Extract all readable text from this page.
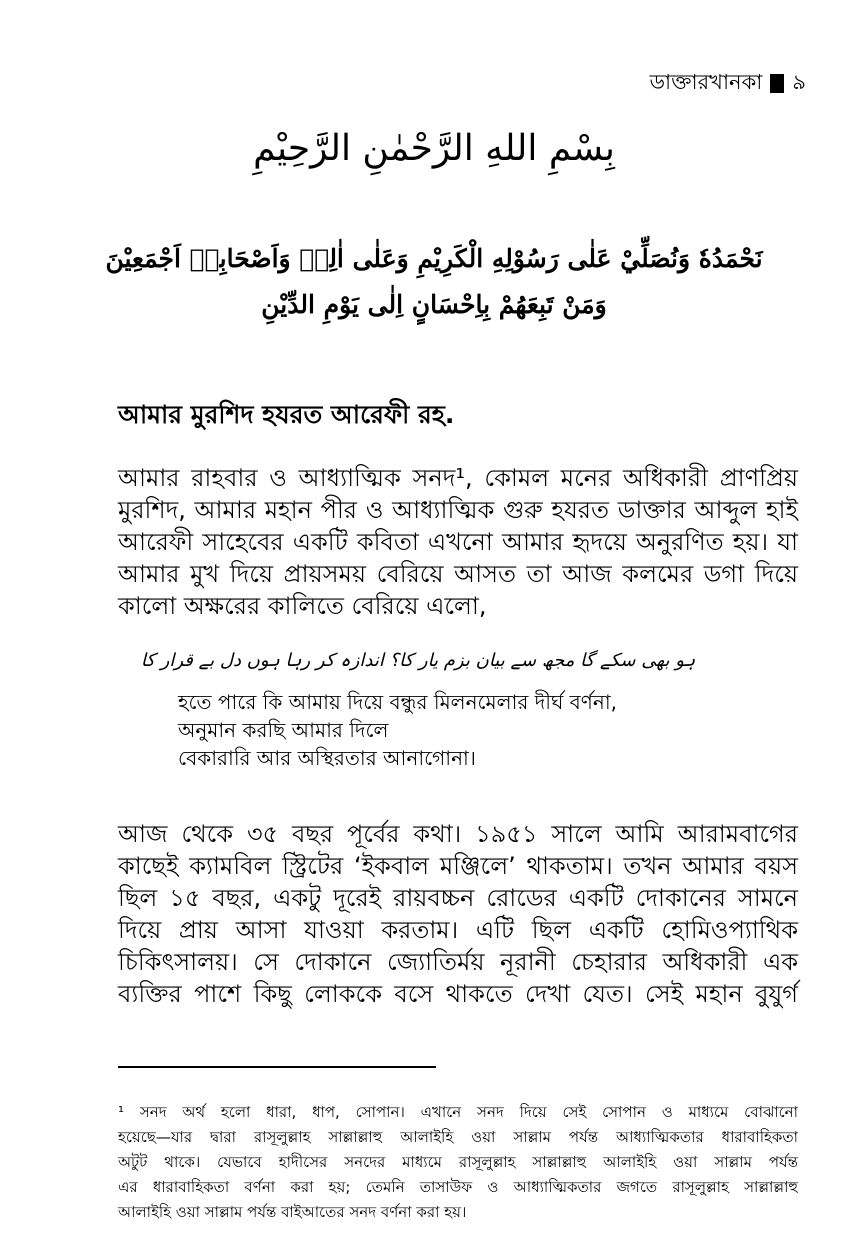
ডাক্তারখানকা ৯
بِسْمِ اللهِ الرَّحْمٰنِ الرَّحِيْمِ
نَحْمَدُهٗ وَنُصَلِّيْ عَلٰى رَسُوْلِهِ الْكَرِيْمِ وَعَلٰى اٰلِهٖ وَاَصْحَابِهٖ اَجْمَعِيْنَ
وَمَنْ تَبِعَهُمْ بِاِحْسَانٍ اِلٰى يَوْمِ الدِّيْنِ
আমার মুরশিদ হযরত আরেফী রহ.
আমার রাহবার ও আধ্যাত্মিক সনদ¹, কোমল মনের অধিকারী প্রাণপ্রিয়
মুরশিদ, আমার মহান পীর ও আধ্যাত্মিক গুরু হযরত ডাক্তার আব্দুল হাই
আরেফী সাহেবের একটি কবিতা এখনো আমার হৃদয়ে অনুরণিত হয়। যা
আমার মুখ দিয়ে প্রায়সময় বেরিয়ে আসত তা আজ কলমের ডগা দিয়ে
কালো অক্ষরের কালিতে বেরিয়ে এলো,
ہو بھی سکے گا مجھ سے بیان بزم یار کا؟ اندازہ کر رہا ہوں دل بے قرار کا
হতে পারে কি আমায় দিয়ে বন্ধুর মিলনমেলার দীর্ঘ বর্ণনা,
অনুমান করছি আমার দিলে
বেকারারি আর অস্থিরতার আনাগোনা।
আজ থেকে ৩৫ বছর পূর্বের কথা। ১৯৫১ সালে আমি আরামবাগের
কাছেই ক্যামবিল স্ট্রিটের ‘ইকবাল মঞ্জিলে’ থাকতাম। তখন আমার বয়স
ছিল ১৫ বছর, একটু দূরেই রায়বচ্চন রোডের একটি দোকানের সামনে
দিয়ে প্রায় আসা যাওয়া করতাম। এটি ছিল একটি হোমিওপ্যাথিক
চিকিৎসালয়। সে দোকানে জ্যোতির্ময় নূরানী চেহারার অধিকারী এক
ব্যক্তির পাশে কিছু লোককে বসে থাকতে দেখা যেত। সেই মহান বুযুর্গ
¹ সনদ অর্থ হলো ধারা, ধাপ, সোপান। এখানে সনদ দিয়ে সেই সোপান ও মাধ্যমে বোঝানো
হয়েছে—যার দ্বারা রাসূলুল্লাহ সাল্লাল্লাহু আলাইহি ওয়া সাল্লাম পর্যন্ত আধ্যাত্মিকতার ধারাবাহিকতা
অটুট থাকে। যেভাবে হাদীসের সনদের মাধ্যমে রাসূলুল্লাহ সাল্লাল্লাহু আলাইহি ওয়া সাল্লাম পর্যন্ত
এর ধারাবাহিকতা বর্ণনা করা হয়; তেমনি তাসাউফ ও আধ্যাত্মিকতার জগতে রাসূলুল্লাহ সাল্লাল্লাহু
আলাইহি ওয়া সাল্লাম পর্যন্ত বাইআতের সনদ বর্ণনা করা হয়।
